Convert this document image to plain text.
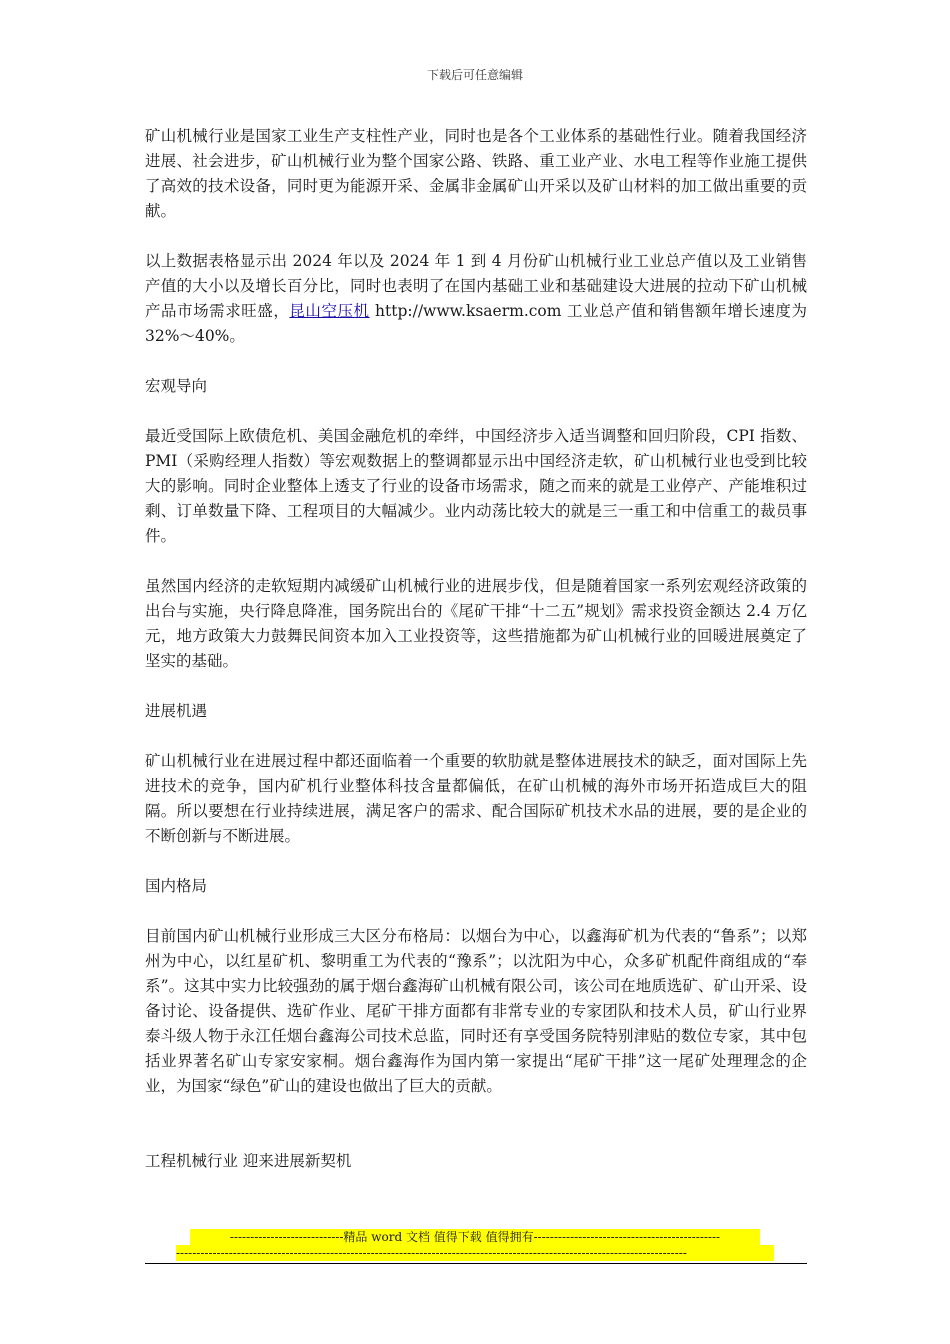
下载后可任意编辑

矿山机械行业是国家工业生产支柱性产业，同时也是各个工业体系的基础性行业。随着我国经济进展、社会进步，矿山机械行业为整个国家公路、铁路、重工业产业、水电工程等作业施工提供了高效的技术设备，同时更为能源开采、金属非金属矿山开采以及矿山材料的加工做出重要的贡献。

以上数据表格显示出 2024 年以及 2024 年 1 到 4 月份矿山机械行业工业总产值以及工业销售产值的大小以及增长百分比，同时也表明了在国内基础工业和基础建设大进展的拉动下矿山机械产品市场需求旺盛，昆山空压机 http://www.ksaerm.com 工业总产值和销售额年增长速度为 32%～40%。

宏观导向

最近受国际上欧债危机、美国金融危机的牵绊，中国经济步入适当调整和回归阶段，CPI 指数、PMI（采购经理人指数）等宏观数据上的整调都显示出中国经济走软，矿山机械行业也受到比较大的影响。同时企业整体上透支了行业的设备市场需求，随之而来的就是工业停产、产能堆积过剩、订单数量下降、工程项目的大幅减少。业内动荡比较大的就是三一重工和中信重工的裁员事件。

虽然国内经济的走软短期内减缓矿山机械行业的进展步伐，但是随着国家一系列宏观经济政策的出台与实施，央行降息降准，国务院出台的《尾矿干排“十二五”规划》需求投资金额达 2.4 万亿元，地方政策大力鼓舞民间资本加入工业投资等，这些措施都为矿山机械行业的回暖进展奠定了坚实的基础。

进展机遇

矿山机械行业在进展过程中都还面临着一个重要的软肋就是整体进展技术的缺乏，面对国际上先进技术的竞争，国内矿机行业整体科技含量都偏低，在矿山机械的海外市场开拓造成巨大的阻隔。所以要想在行业持续进展，满足客户的需求、配合国际矿机技术水品的进展，要的是企业的不断创新与不断进展。

国内格局

目前国内矿山机械行业形成三大区分布格局：以烟台为中心，以鑫海矿机为代表的“鲁系”；以郑州为中心，以红星矿机、黎明重工为代表的“豫系”；以沈阳为中心，众多矿机配件商组成的“奉系”。这其中实力比较强劲的属于烟台鑫海矿山机械有限公司，该公司在地质选矿、矿山开采、设备讨论、设备提供、选矿作业、尾矿干排方面都有非常专业的专家团队和技术人员，矿山行业界泰斗级人物于永江任烟台鑫海公司技术总监，同时还有享受国务院特别津贴的数位专家，其中包括业界著名矿山专家安家桐。烟台鑫海作为国内第一家提出“尾矿干排”这一尾矿处理理念的企业，为国家“绿色”矿山的建设也做出了巨大的贡献。

工程机械行业 迎来进展新契机

----------------------------精品 word 文档 值得下载 值得拥有----------------------------------------------
------------------------------------------------------------------------------------------------------------------------------
